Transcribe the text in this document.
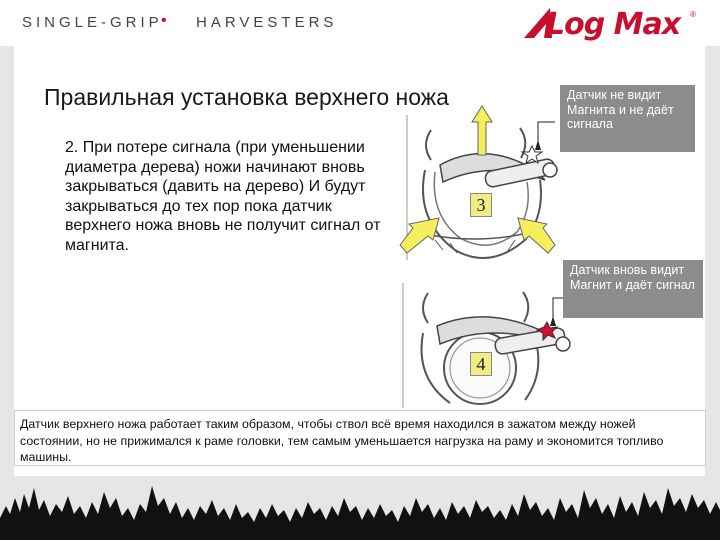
SINGLE-GRIP
• HARVESTERS	Log Max ®
Правильная установка верхнего ножа
2. При потере сигнала (при уменьшении диаметра дерева) ножи начинают вновь закрываться (давить на дерево) И будут закрываться до тех пор пока датчик верхнего ножа вновь не получит сигнал от магнита.
3
4
Датчик не видит Магнита и не даёт сигнала
Датчик вновь видит Магнит и даёт сигнал
Датчик верхнего ножа работает таким образом, чтобы ствол всё время находился в зажатом между ножей состоянии, но не прижимался к раме головки, тем самым уменьшается нагрузка на раму и экономится топливо машины.
